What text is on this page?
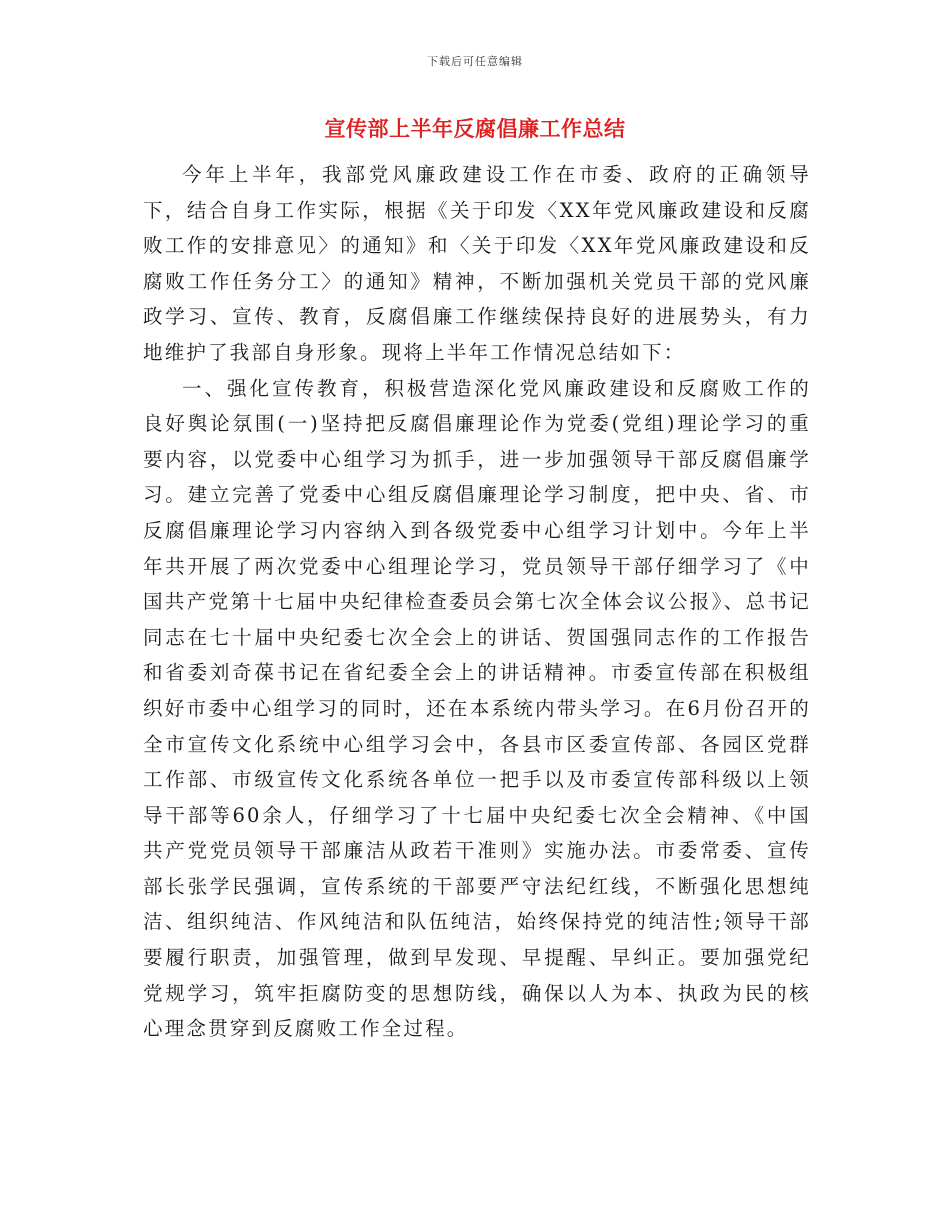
下载后可任意编辑
宣传部上半年反腐倡廉工作总结

今年上半年，我部党风廉政建设工作在市委、政府的正确领导下，结合自身工作实际，根据《关于印发〈XX年党风廉政建设和反腐败工作的安排意见〉的通知》和〈关于印发〈XX年党风廉政建设和反腐败工作任务分工〉的通知》精神，不断加强机关党员干部的党风廉政学习、宣传、教育，反腐倡廉工作继续保持良好的进展势头，有力地维护了我部自身形象。现将上半年工作情况总结如下：

一、强化宣传教育，积极营造深化党风廉政建设和反腐败工作的良好舆论氛围(一)坚持把反腐倡廉理论作为党委(党组)理论学习的重要内容，以党委中心组学习为抓手，进一步加强领导干部反腐倡廉学习。建立完善了党委中心组反腐倡廉理论学习制度，把中央、省、市反腐倡廉理论学习内容纳入到各级党委中心组学习计划中。今年上半年共开展了两次党委中心组理论学习，党员领导干部仔细学习了《中国共产党第十七届中央纪律检查委员会第七次全体会议公报》、总书记同志在七十届中央纪委七次全会上的讲话、贺国强同志作的工作报告和省委刘奇葆书记在省纪委全会上的讲话精神。市委宣传部在积极组织好市委中心组学习的同时，还在本系统内带头学习。在6月份召开的全市宣传文化系统中心组学习会中，各县市区委宣传部、各园区党群工作部、市级宣传文化系统各单位一把手以及市委宣传部科级以上领导干部等60余人，仔细学习了十七届中央纪委七次全会精神、《中国共产党党员领导干部廉洁从政若干准则》实施办法。市委常委、宣传部长张学民强调，宣传系统的干部要严守法纪红线，不断强化思想纯洁、组织纯洁、作风纯洁和队伍纯洁，始终保持党的纯洁性;领导干部要履行职责，加强管理，做到早发现、早提醒、早纠正。要加强党纪党规学习，筑牢拒腐防变的思想防线，确保以人为本、执政为民的核心理念贯穿到反腐败工作全过程。
